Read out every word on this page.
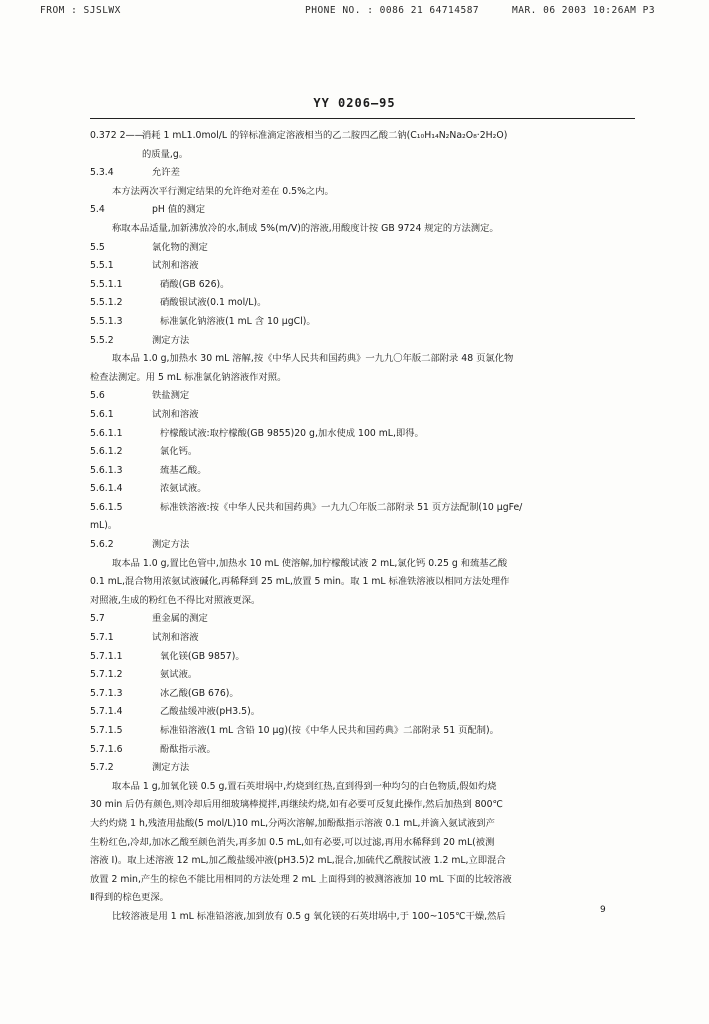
FROM : SJSLWX	PHONE NO. : 0086 21 64714587	MAR. 06 2003 10:26AM P3
YY 0206—95
0.372 2——
消耗 1 mL1.0mol/L 的锌标准滴定溶液相当的乙二胺四乙酸二钠(C₁₀H₁₄N₂Na₂O₈·2H₂O)
的质量,g。
5.3.4	允许差
本方法两次平行测定结果的允许绝对差在 0.5%之内。
5.4	pH 值的测定
称取本品适量,加新沸放冷的水,制成 5%(m/V)的溶液,用酸度计按 GB 9724 规定的方法测定。
5.5	氯化物的测定
5.5.1	试剂和溶液
5.5.1.1	硝酸(GB 626)。
5.5.1.2	硝酸银试液(0.1 mol/L)。
5.5.1.3	标准氯化钠溶液(1 mL 含 10 μgCl)。
5.5.2	测定方法
取本品 1.0 g,加热水 30 mL 溶解,按《中华人民共和国药典》一九九〇年版二部附录 48 页氯化物
检查法测定。用 5 mL 标准氯化钠溶液作对照。
5.6	铁盐测定
5.6.1	试剂和溶液
5.6.1.1	柠檬酸试液:取柠檬酸(GB 9855)20 g,加水使成 100 mL,即得。
5.6.1.2	氯化钙。
5.6.1.3	巯基乙酸。
5.6.1.4	浓氨试液。
5.6.1.5	标准铁溶液:按《中华人民共和国药典》一九九〇年版二部附录 51 页方法配制(10 μgFe/
mL)。
5.6.2	测定方法
取本品 1.0 g,置比色管中,加热水 10 mL 使溶解,加柠檬酸试液 2 mL,氯化钙 0.25 g 和巯基乙酸
0.1 mL,混合物用浓氨试液碱化,再稀释到 25 mL,放置 5 min。取 1 mL 标准铁溶液以相同方法处理作
对照液,生成的粉红色不得比对照液更深。
5.7	重金属的测定
5.7.1	试剂和溶液
5.7.1.1	氧化镁(GB 9857)。
5.7.1.2	氨试液。
5.7.1.3	冰乙酸(GB 676)。
5.7.1.4	乙酸盐缓冲液(pH3.5)。
5.7.1.5	标准铅溶液(1 mL 含铅 10 μg)(按《中华人民共和国药典》二部附录 51 页配制)。
5.7.1.6	酚酞指示液。
5.7.2	测定方法
取本品 1 g,加氧化镁 0.5 g,置石英坩埚中,灼烧到红热,直到得到一种均匀的白色物质,假如灼烧
30 min 后仍有颜色,则冷却后用细玻璃棒搅拌,再继续灼烧,如有必要可反复此操作,然后加热到 800℃
大约灼烧 1 h,残渣用盐酸(5 mol/L)10 mL,分两次溶解,加酚酞指示溶液 0.1 mL,并滴入氨试液到产
生粉红色,冷却,加冰乙酸至颜色消失,再多加 0.5 mL,如有必要,可以过滤,再用水稀释到 20 mL(被测
溶液 I)。取上述溶液 12 mL,加乙酸盐缓冲液(pH3.5)2 mL,混合,加硫代乙酰胺试液 1.2 mL,立即混合
放置 2 min,产生的棕色不能比用相同的方法处理 2 mL 上面得到的被测溶液加 10 mL 下面的比较溶液
Ⅱ得到的棕色更深。
比较溶液是用 1 mL 标准铅溶液,加到放有 0.5 g 氧化镁的石英坩埚中,于 100~105℃干燥,然后
9
